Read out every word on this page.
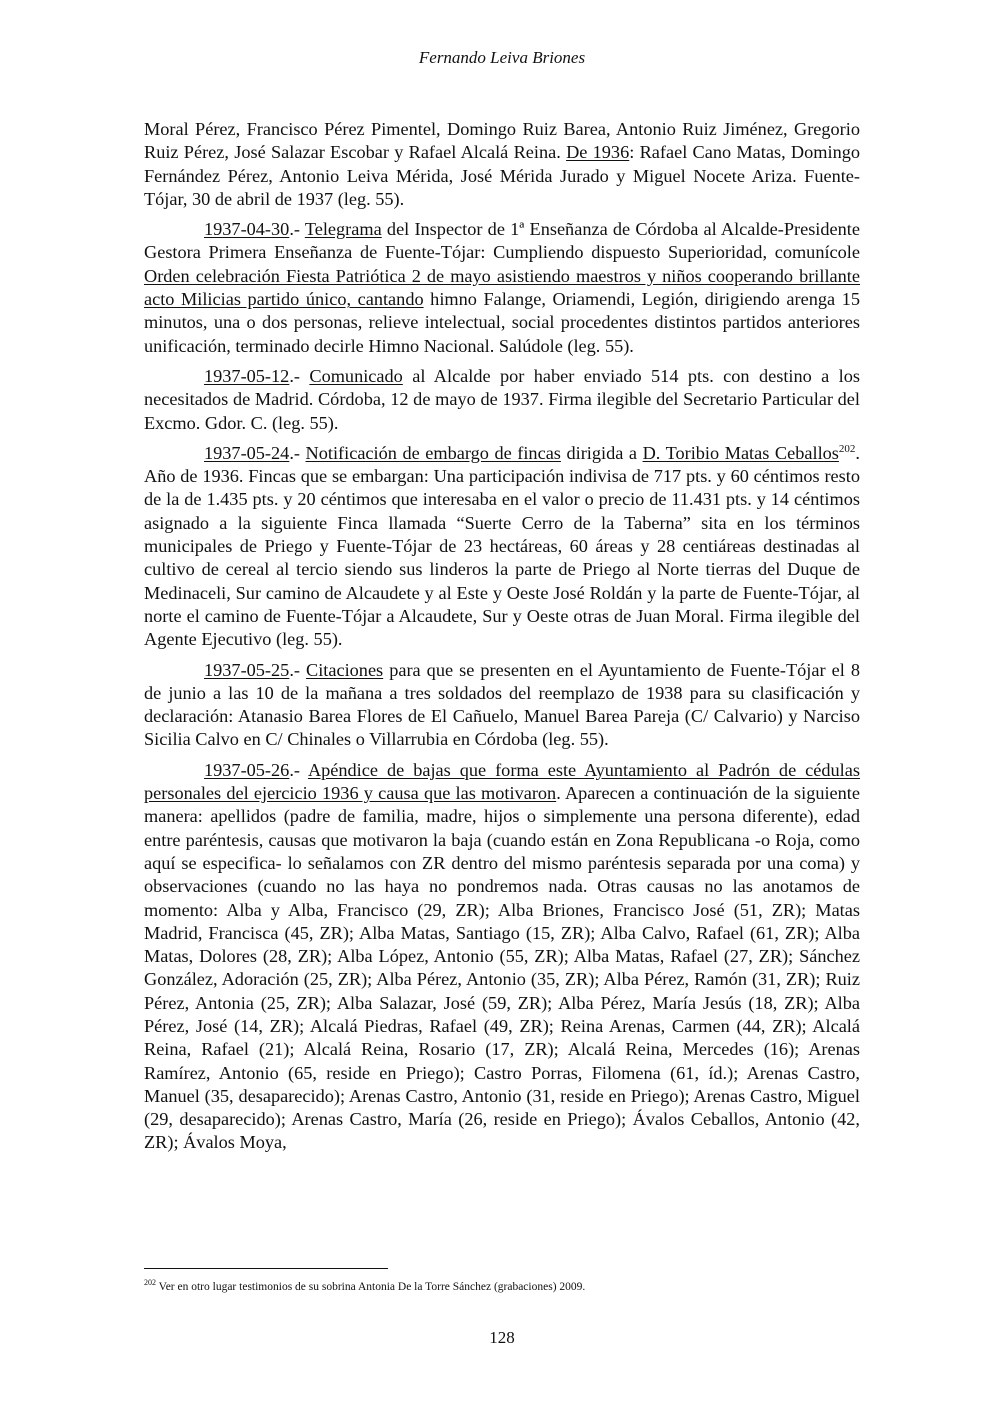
Fernando Leiva Briones

Moral Pérez, Francisco Pérez Pimentel, Domingo Ruiz Barea, Antonio Ruiz Jiménez, Gregorio Ruiz Pérez, José Salazar Escobar y Rafael Alcalá Reina. De 1936: Rafael Cano Matas, Domingo Fernández Pérez, Antonio Leiva Mérida, José Mérida Jurado y Miguel Nocete Ariza. Fuente-Tójar, 30 de abril de 1937 (leg. 55).

1937-04-30.- Telegrama del Inspector de 1ª Enseñanza de Córdoba al Alcalde-Presidente Gestora Primera Enseñanza de Fuente-Tójar: Cumpliendo dispuesto Superioridad, comunícole Orden celebración Fiesta Patriótica 2 de mayo asistiendo maestros y niños cooperando brillante acto Milicias partido único, cantando himno Falange, Oriamendi, Legión, dirigiendo arenga 15 minutos, una o dos personas, relieve intelectual, social procedentes distintos partidos anteriores unificación, terminado decirle Himno Nacional. Salúdole (leg. 55).

1937-05-12.- Comunicado al Alcalde por haber enviado 514 pts. con destino a los necesitados de Madrid. Córdoba, 12 de mayo de 1937. Firma ilegible del Secretario Particular del Excmo. Gdor. C. (leg. 55).

1937-05-24.- Notificación de embargo de fincas dirigida a D. Toribio Matas Ceballos$^{202}$. Año de 1936. Fincas que se embargan: Una participación indivisa de 717 pts. y 60 céntimos resto de la de 1.435 pts. y 20 céntimos que interesaba en el valor o precio de 11.431 pts. y 14 céntimos asignado a la siguiente Finca llamada “Suerte Cerro de la Taberna” sita en los términos municipales de Priego y Fuente-Tójar de 23 hectáreas, 60 áreas y 28 centiáreas destinadas al cultivo de cereal al tercio siendo sus linderos la parte de Priego al Norte tierras del Duque de Medinaceli, Sur camino de Alcaudete y al Este y Oeste José Roldán y la parte de Fuente-Tójar, al norte el camino de Fuente-Tójar a Alcaudete, Sur y Oeste otras de Juan Moral. Firma ilegible del Agente Ejecutivo (leg. 55).

1937-05-25.- Citaciones para que se presenten en el Ayuntamiento de Fuente-Tójar el 8 de junio a las 10 de la mañana a tres soldados del reemplazo de 1938 para su clasificación y declaración: Atanasio Barea Flores de El Cañuelo, Manuel Barea Pareja (C/ Calvario) y Narciso Sicilia Calvo en C/ Chinales o Villarrubia en Córdoba (leg. 55).

1937-05-26.- Apéndice de bajas que forma este Ayuntamiento al Padrón de cédulas personales del ejercicio 1936 y causa que las motivaron. Aparecen a continuación de la siguiente manera: apellidos (padre de familia, madre, hijos o simplemente una persona diferente), edad entre paréntesis, causas que motivaron la baja (cuando están en Zona Republicana -o Roja, como aquí se especifica- lo señalamos con ZR dentro del mismo paréntesis separada por una coma) y observaciones (cuando no las haya no pondremos nada. Otras causas no las anotamos de momento: Alba y Alba, Francisco (29, ZR); Alba Briones, Francisco José (51, ZR); Matas Madrid, Francisca (45, ZR); Alba Matas, Santiago (15, ZR); Alba Calvo, Rafael (61, ZR); Alba Matas, Dolores (28, ZR); Alba López, Antonio (55, ZR); Alba Matas, Rafael (27, ZR); Sánchez González, Adoración (25, ZR); Alba Pérez, Antonio (35, ZR); Alba Pérez, Ramón (31, ZR); Ruiz Pérez, Antonia (25, ZR); Alba Salazar, José (59, ZR); Alba Pérez, María Jesús (18, ZR); Alba Pérez, José (14, ZR); Alcalá Piedras, Rafael (49, ZR); Reina Arenas, Carmen (44, ZR); Alcalá Reina, Rafael (21); Alcalá Reina, Rosario (17, ZR); Alcalá Reina, Mercedes (16); Arenas Ramírez, Antonio (65, reside en Priego); Castro Porras, Filomena (61, íd.); Arenas Castro, Manuel (35, desaparecido); Arenas Castro, Antonio (31, reside en Priego); Arenas Castro, Miguel (29, desaparecido); Arenas Castro, María (26, reside en Priego); Ávalos Ceballos, Antonio (42, ZR); Ávalos Moya,

$^{202}$ Ver en otro lugar testimonios de su sobrina Antonia De la Torre Sánchez (grabaciones) 2009.
128
